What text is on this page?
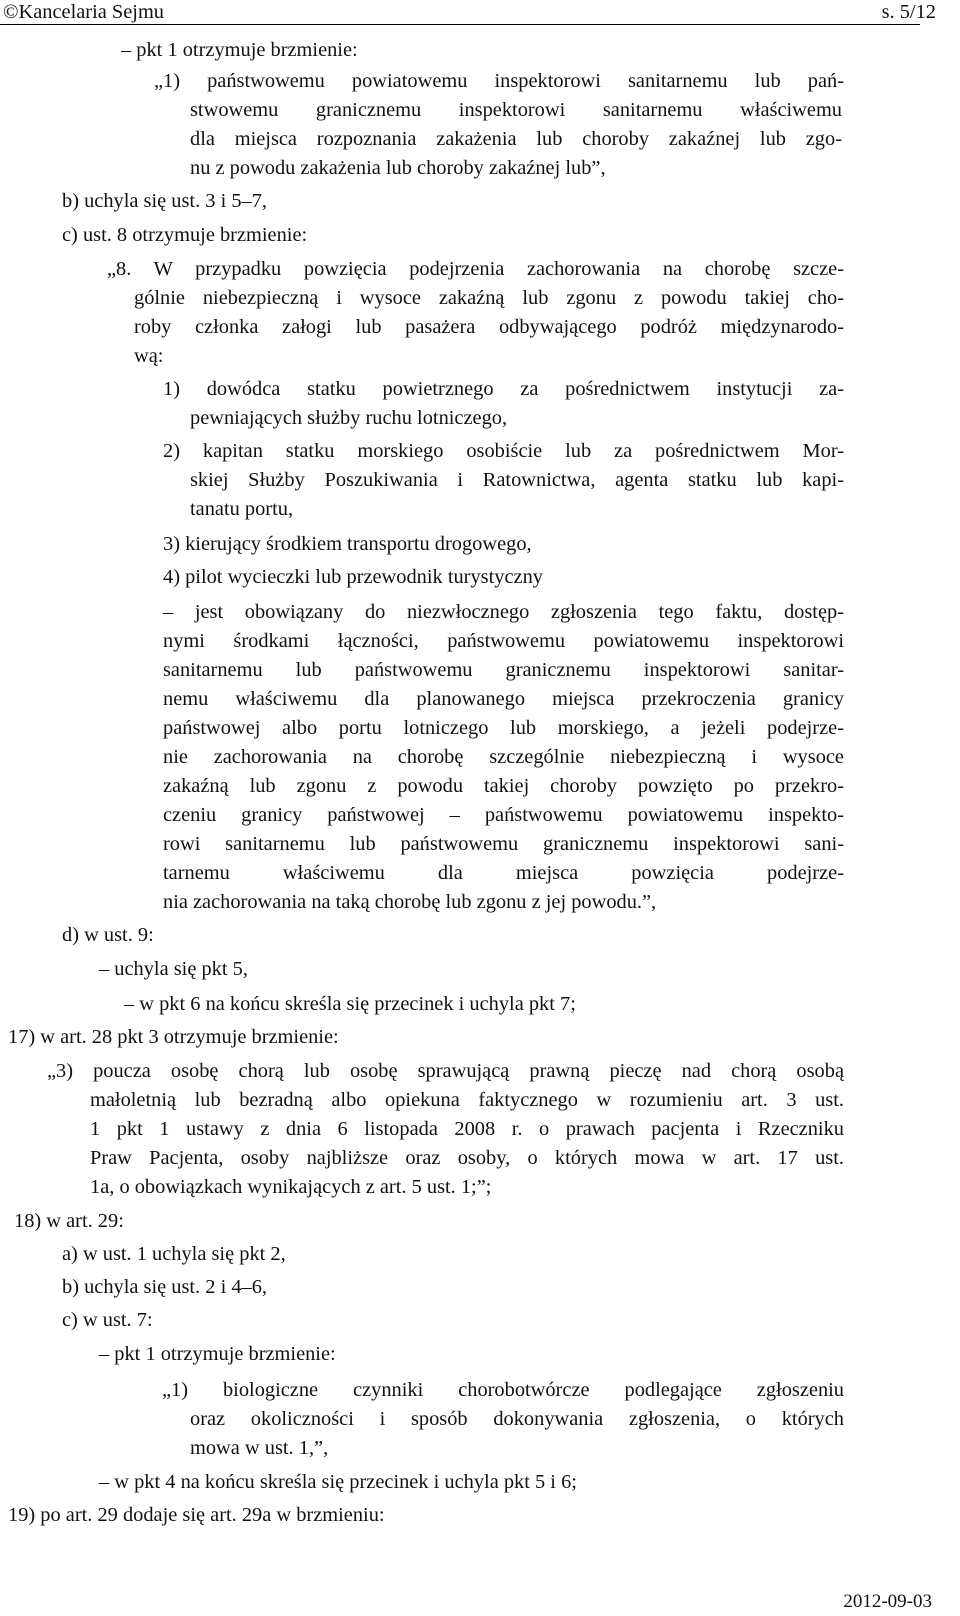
©Kancelaria Sejmu	s. 5/12
– pkt 1 otrzymuje brzmienie:
„1) państwowemu powiatowemu inspektorowi sanitarnemu lub pań-
stwowemu granicznemu inspektorowi sanitarnemu właściwemu
dla miejsca rozpoznania zakażenia lub choroby zakaźnej lub zgo-
nu z powodu zakażenia lub choroby zakaźnej lub”,
b) uchyla się ust. 3 i 5–7,
c) ust. 8 otrzymuje brzmienie:
„8. W przypadku powzięcia podejrzenia zachorowania na chorobę szcze-
gólnie niebezpieczną i wysoce zakaźną lub zgonu z powodu takiej cho-
roby członka załogi lub pasażera odbywającego podróż międzynarodo-
wą:
1) dowódca statku powietrznego za pośrednictwem instytucji za-
pewniających służby ruchu lotniczego,
2) kapitan statku morskiego osobiście lub za pośrednictwem Mor-
skiej Służby Poszukiwania i Ratownictwa, agenta statku lub kapi-
tanatu portu,
3) kierujący środkiem transportu drogowego,
4) pilot wycieczki lub przewodnik turystyczny
– jest obowiązany do niezwłocznego zgłoszenia tego faktu, dostęp-
nymi środkami łączności, państwowemu powiatowemu inspektorowi
sanitarnemu lub państwowemu granicznemu inspektorowi sanitar-
nemu właściwemu dla planowanego miejsca przekroczenia granicy
państwowej albo portu lotniczego lub morskiego, a jeżeli podejrze-
nie zachorowania na chorobę szczególnie niebezpieczną i wysoce
zakaźną lub zgonu z powodu takiej choroby powzięto po przekro-
czeniu granicy państwowej – państwowemu powiatowemu inspekto-
rowi sanitarnemu lub państwowemu granicznemu inspektorowi sani-
tarnemu właściwemu dla miejsca powzięcia podejrze-
nia zachorowania na taką chorobę lub zgonu z jej powodu.”,
d) w ust. 9:
– uchyla się pkt 5,
– w pkt 6 na końcu skreśla się przecinek i uchyla pkt 7;
17) w art. 28 pkt 3 otrzymuje brzmienie:
„3) poucza osobę chorą lub osobę sprawującą prawną pieczę nad chorą osobą
małoletnią lub bezradną albo opiekuna faktycznego w rozumieniu art. 3 ust.
1 pkt 1 ustawy z dnia 6 listopada 2008 r. o prawach pacjenta i Rzeczniku
Praw Pacjenta, osoby najbliższe oraz osoby, o których mowa w art. 17 ust.
1a, o obowiązkach wynikających z art. 5 ust. 1;”;
18) w art. 29:
a) w ust. 1 uchyla się pkt 2,
b) uchyla się ust. 2 i 4–6,
c) w ust. 7:
– pkt 1 otrzymuje brzmienie:
„1) biologiczne czynniki chorobotwórcze podlegające zgłoszeniu
oraz okoliczności i sposób dokonywania zgłoszenia, o których
mowa w ust. 1,”,
– w pkt 4 na końcu skreśla się przecinek i uchyla pkt 5 i 6;
19) po art. 29 dodaje się art. 29a w brzmieniu:
2012-09-03
